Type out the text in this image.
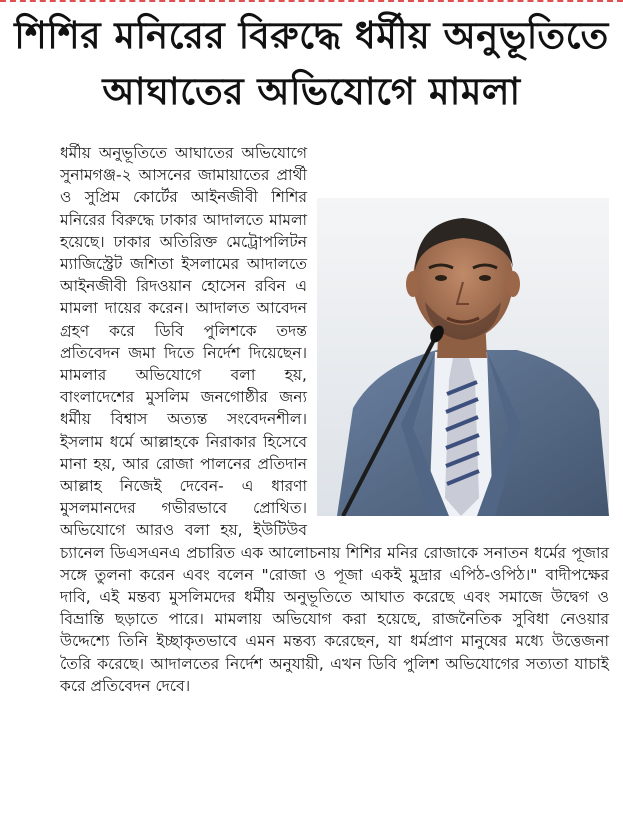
শিশির মনিরের বিরুদ্ধে ধর্মীয় অনুভূতিতে
আঘাতের অভিযোগে মামলা

ধর্মীয় অনুভূতিতে আঘাতের অভিযোগে সুনামগঞ্জ-২ আসনের জামায়াতের প্রার্থী ও সুপ্রিম কোর্টের আইনজীবী শিশির মনিরের বিরুদ্ধে ঢাকার আদালতে মামলা হয়েছে। ঢাকার অতিরিক্ত মেট্রোপলিটন ম্যাজিস্ট্রেট জশিতা ইসলামের আদালতে আইনজীবী রিদওয়ান হোসেন রবিন এ মামলা দায়ের করেন। আদালত আবেদন গ্রহণ করে ডিবি পুলিশকে তদন্ত প্রতিবেদন জমা দিতে নির্দেশ দিয়েছেন। মামলার অভিযোগে বলা হয়, বাংলাদেশের মুসলিম জনগোষ্ঠীর জন্য ধর্মীয় বিশ্বাস অত্যন্ত সংবেদনশীল। ইসলাম ধর্মে আল্লাহকে নিরাকার হিসেবে মানা হয়, আর রোজা পালনের প্রতিদান আল্লাহ নিজেই দেবেন- এ ধারণা মুসলমানদের গভীরভাবে প্রোথিত। অভিযোগে আরও বলা হয়, ইউটিউব চ্যানেল ডিএসএনএ প্রচারিত এক আলোচনায় শিশির মনির রোজাকে সনাতন ধর্মের পূজার সঙ্গে তুলনা করেন এবং বলেন "রোজা ও পূজা একই মুদ্রার এপিঠ-ওপিঠ।" বাদীপক্ষের দাবি, এই মন্তব্য মুসলিমদের ধর্মীয় অনুভূতিতে আঘাত করেছে এবং সমাজে উদ্বেগ ও বিভ্রান্তি ছড়াতে পারে। মামলায় অভিযোগ করা হয়েছে, রাজনৈতিক সুবিধা নেওয়ার উদ্দেশ্যে তিনি ইচ্ছাকৃতভাবে এমন মন্তব্য করেছেন, যা ধর্মপ্রাণ মানুষের মধ্যে উত্তেজনা তৈরি করেছে। আদালতের নির্দেশ অনুযায়ী, এখন ডিবি পুলিশ অভিযোগের সত্যতা যাচাই করে প্রতিবেদন দেবে।
